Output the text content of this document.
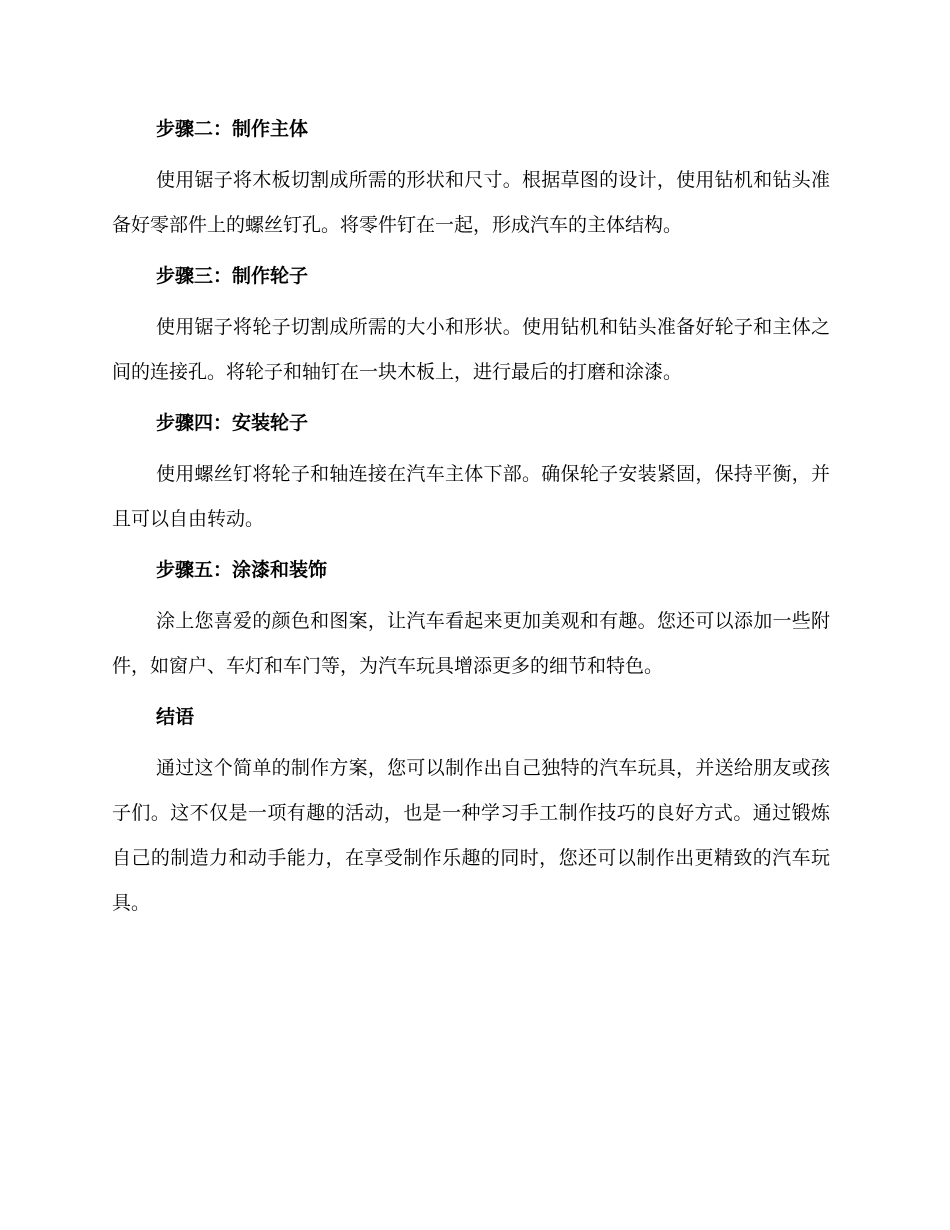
步骤二：制作主体

使用锯子将木板切割成所需的形状和尺寸。根据草图的设计，使用钻机和钻头准备好零部件上的螺丝钉孔。将零件钉在一起，形成汽车的主体结构。

步骤三：制作轮子

使用锯子将轮子切割成所需的大小和形状。使用钻机和钻头准备好轮子和主体之间的连接孔。将轮子和轴钉在一块木板上，进行最后的打磨和涂漆。

步骤四：安装轮子

使用螺丝钉将轮子和轴连接在汽车主体下部。确保轮子安装紧固，保持平衡，并且可以自由转动。

步骤五：涂漆和装饰

涂上您喜爱的颜色和图案，让汽车看起来更加美观和有趣。您还可以添加一些附件，如窗户、车灯和车门等，为汽车玩具增添更多的细节和特色。

结语

通过这个简单的制作方案，您可以制作出自己独特的汽车玩具，并送给朋友或孩子们。这不仅是一项有趣的活动，也是一种学习手工制作技巧的良好方式。通过锻炼自己的制造力和动手能力，在享受制作乐趣的同时，您还可以制作出更精致的汽车玩具。
